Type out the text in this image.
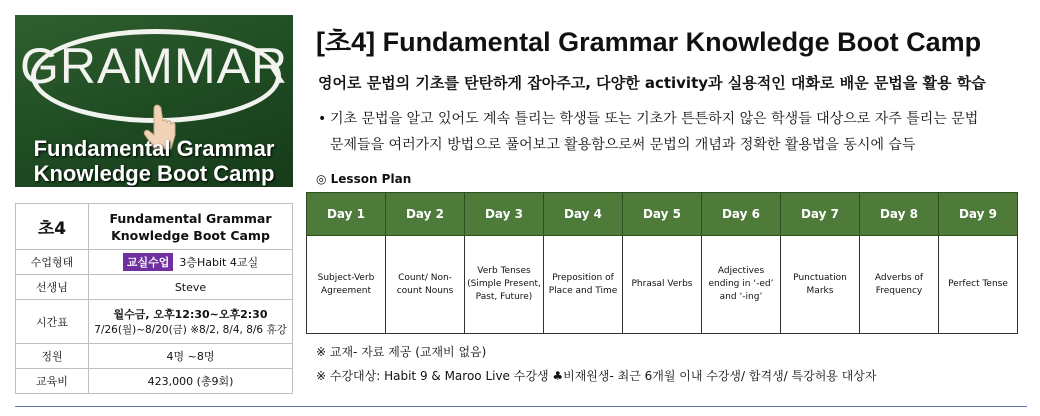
GRAMMAR
Fundamental Grammar
Knowledge Boot Camp
초4	Fundamental Grammar Knowledge Boot Camp
수업형태	교실수업 3층Habit 4교실
선생님	Steve
시간표	월수금, 오후12:30~오후2:30
7/26(월)~8/20(금) ※8/2, 8/4, 8/6 휴강

정원	4명 ~8명
교육비	423,000 (총9회)
[초4] Fundamental Grammar Knowledge Boot Camp
영어로 문법의 기초를 탄탄하게 잡아주고, 다양한 activity과 실용적인 대화로 배운 문법을 활용 학습
• 기초 문법을 알고 있어도 계속 틀리는 학생들 또는 기초가 튼튼하지 않은 학생들 대상으로 자주 틀리는 문법
문제들을 여러가지 방법으로 풀어보고 활용함으로써 문법의 개념과 정확한 활용법을 동시에 습득
◎ Lesson Plan
Day 1	Day 2	Day 3	Day 4	Day 5	Day 6	Day 7	Day 8	Day 9
Subject-Verb Agreement	Count/ Non-count Nouns	Verb Tenses (Simple Present, Past, Future)	Preposition of Place and Time	Phrasal Verbs	Adjectives ending in ‘-ed’ and ‘-ing’	Punctuation Marks	Adverbs of Frequency	Perfect Tense
※ 교재- 자료 제공 (교재비 없음)
※ 수강대상: Habit 9 & Maroo Live 수강생 ♣비재원생- 최근 6개월 이내 수강생/ 합격생/ 특강허용 대상자
